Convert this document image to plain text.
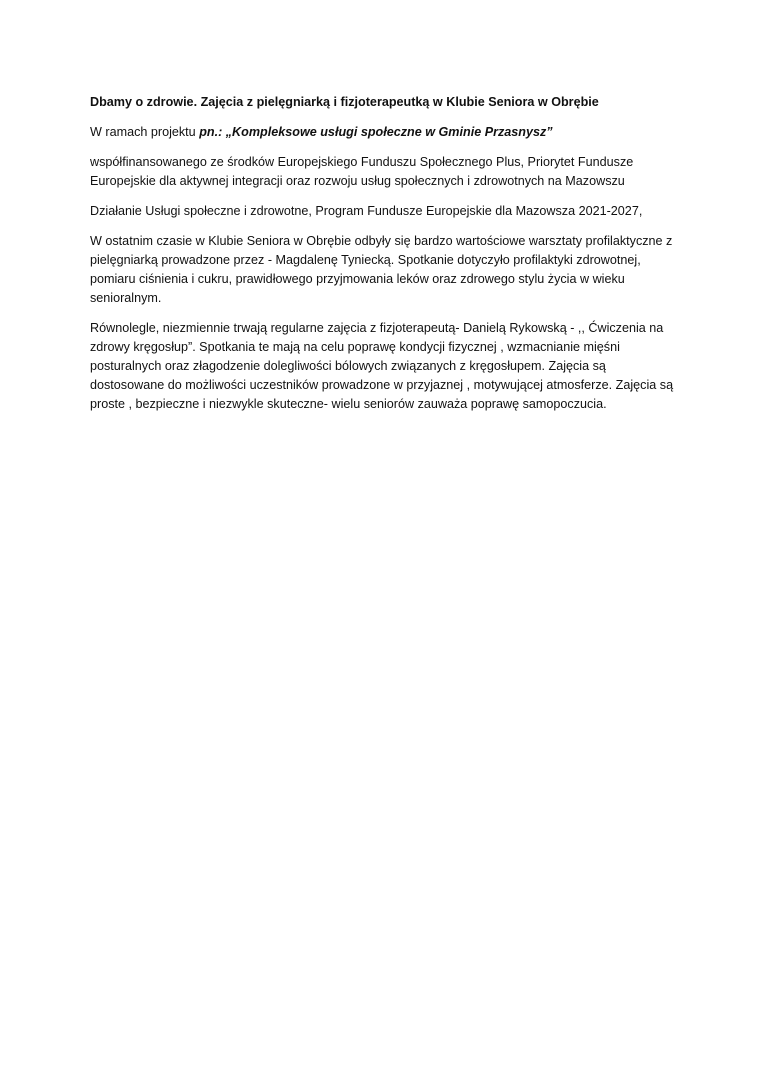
Dbamy o zdrowie. Zajęcia z pielęgniarką i fizjoterapeutką w Klubie Seniora w Obrębie

W ramach projektu pn.: „Kompleksowe usługi społeczne w Gminie Przasnysz”

współfinansowanego ze środków Europejskiego Funduszu Społecznego Plus, Priorytet Fundusze Europejskie dla aktywnej integracji oraz rozwoju usług społecznych i zdrowotnych na Mazowszu

Działanie Usługi społeczne i zdrowotne, Program Fundusze Europejskie dla Mazowsza 2021-2027,

W ostatnim czasie w Klubie Seniora w Obrębie odbyły się bardzo wartościowe warsztaty profilaktyczne z pielęgniarką prowadzone przez - Magdalenę Tyniecką. Spotkanie dotyczyło profilaktyki zdrowotnej, pomiaru ciśnienia i cukru, prawidłowego przyjmowania leków oraz zdrowego stylu życia w wieku senioralnym.

Równolegle, niezmiennie trwają regularne zajęcia z fizjoterapeutą- Danielą Rykowską - ,, Ćwiczenia na zdrowy kręgosłup”. Spotkania te mają na celu poprawę kondycji fizycznej , wzmacnianie mięśni posturalnych oraz złagodzenie dolegliwości bólowych związanych z kręgosłupem. Zajęcia są dostosowane do możliwości uczestników prowadzone w przyjaznej , motywującej atmosferze. Zajęcia są proste , bezpieczne i niezwykle skuteczne- wielu seniorów zauważa poprawę samopoczucia.
